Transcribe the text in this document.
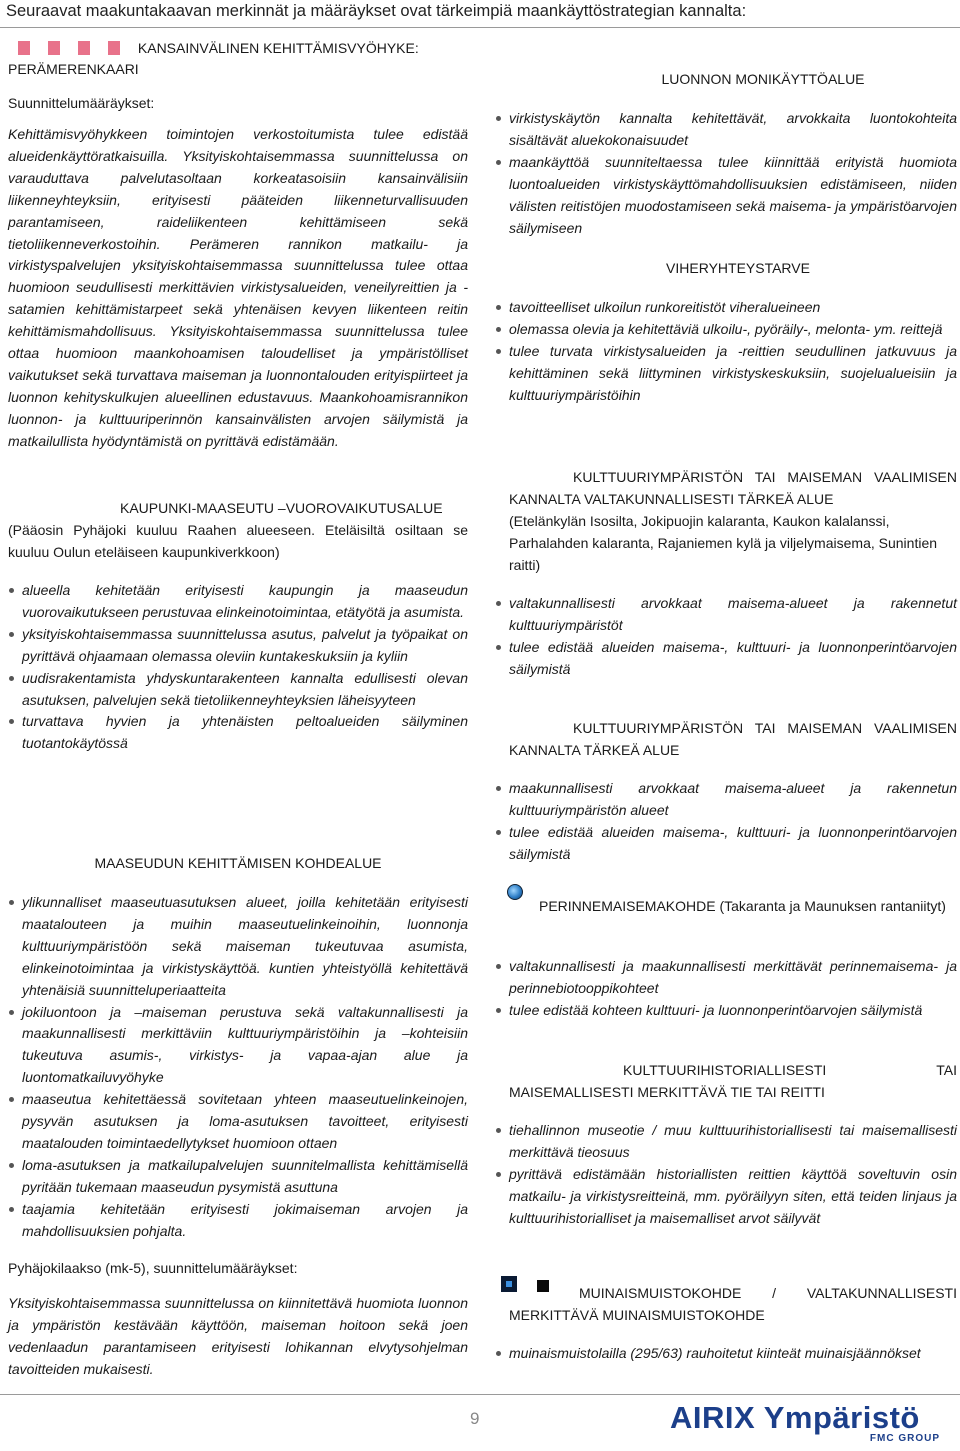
Seuraavat maakuntakaavan merkinnät ja määräykset ovat tärkeimpiä maankäyttöstrategian kannalta:
KANSAINVÄLINEN KEHITTÄMISVYÖHYKE:
PERÄMERENKAARI
Suunnittelumääräykset:
Kehittämisvyöhykkeen toimintojen verkostoitumista tulee edistää alueidenkäyttöratkaisuilla. Yksityiskohtaisemmassa suunnittelussa on varauduttava palvelutasoltaan korkeatasoisiin kansainvälisiin liikenneyhteyksiin, erityisesti pääteiden liikenneturvallisuuden parantamiseen, raideliikenteen kehittämiseen sekä tietoliikenneverkostoihin. Perämeren rannikon matkailu- ja virkistyspalvelujen yksityiskohtaisemmassa suunnittelussa tulee ottaa huomioon seudullisesti merkittävien virkistysalueiden, veneilyreittien ja -satamien kehittämistarpeet sekä yhtenäisen kevyen liikenteen reitin kehittämismahdollisuus. Yksityiskohtaisemmassa suunnittelussa tulee ottaa huomioon maankohoamisen taloudelliset ja ympäristölliset vaikutukset sekä turvattava maiseman ja luonnontalouden erityispiirteet ja luonnon kehityskulkujen alueellinen edustavuus. Maankohoamisrannikon luonnon- ja kulttuuriperinnön kansainvälisten arvojen säilymistä ja matkailullista hyödyntämistä on pyrittävä edistämään.

KAUPUNKI-MAASEUTU –VUOROVAIKUTUSALUE

(Pääosin Pyhäjoki kuuluu Raahen alueeseen. Eteläisiltä osiltaan se kuuluu Oulun eteläiseen kaupunkiverkkoon)
alueella kehitetään erityisesti kaupungin ja maaseudun vuorovaikutukseen perustuvaa elinkeinotoimintaa, etätyötä ja asumista.
yksityiskohtaisemmassa suunnittelussa asutus, palvelut ja työpaikat on pyrittävä ohjaamaan olemassa oleviin kuntakeskuksiin ja kyliin
uudisrakentamista yhdyskuntarakenteen kannalta edullisesti olevan asutuksen, palvelujen sekä tietoliikenneyhteyksien läheisyyteen
turvattava hyvien ja yhtenäisten peltoalueiden säilyminen tuotantokäytössä
MAASEUDUN KEHITTÄMISEN KOHDEALUE
ylikunnalliset maaseutuasutuksen alueet, joilla kehitetään erityisesti maatalouteen ja muihin maaseutuelinkeinoihin, luonnonja kulttuuriympäristöön sekä maiseman tukeutuvaa asumista, elinkeinotoimintaa ja virkistyskäyttöä. kuntien yhteistyöllä kehitettävä yhtenäisiä suunnitteluperiaatteita
jokiluontoon ja –maiseman perustuva sekä valtakunnallisesti ja maakunnallisesti merkittäviin kulttuuriympäristöihin ja –kohteisiin tukeutuva asumis-, virkistys- ja vapaa-ajan alue ja luontomatkailuvyöhyke
maaseutua kehitettäessä sovitetaan yhteen maaseutuelinkeinojen, pysyvän asutuksen ja loma-asutuksen tavoitteet, erityisesti maatalouden toimintaedellytykset huomioon ottaen
loma-asutuksen ja matkailupalvelujen suunnitelmallista kehittämisellä pyritään tukemaan maaseudun pysymistä asuttuna
taajamia kehitetään erityisesti jokimaiseman arvojen ja mahdollisuuksien pohjalta.
Pyhäjokilaakso (mk-5), suunnittelumääräykset:
Yksityiskohtaisemmassa suunnittelussa on kiinnitettävä huomiota luonnon ja ympäristön kestävään käyttöön, maiseman hoitoon sekä joen vedenlaadun parantamiseen erityisesti lohikannan elvytysohjelman tavoitteiden mukaisesti.
LUONNON MONIKÄYTTÖALUE
virkistyskäytön kannalta kehitettävät, arvokkaita luontokohteita sisältävät aluekokonaisuudet
maankäyttöä suunniteltaessa tulee kiinnittää erityistä huomiota luontoalueiden virkistyskäyttömahdollisuuksien edistämiseen, niiden välisten reitistöjen muodostamiseen sekä maisema- ja ympäristöarvojen säilymiseen
VIHERYHTEYSTARVE
tavoitteelliset ulkoilun runkoreitistöt viheralueineen
olemassa olevia ja kehitettäviä ulkoilu-, pyöräily-, melonta- ym. reittejä
tulee turvata virkistysalueiden ja -reittien seudullinen jatkuvuus ja kehittäminen sekä liittyminen virkistyskeskuksiin, suojelualueisiin ja kulttuuriympäristöihin
KULTTUURIYMPÄRISTÖN TAI MAISEMAN VAALIMISEN KANNALTA VALTAKUNNALLISESTI TÄRKEÄ ALUE
(Etelänkylän Isosilta, Jokipuojin kalaranta, Kaukon kalalanssi, Parhalahden kalaranta, Rajaniemen kylä ja viljelymaisema, Sunintien raitti)
valtakunnallisesti arvokkaat maisema-alueet ja rakennetut kulttuuriympäristöt
tulee edistää alueiden maisema-, kulttuuri- ja luonnonperintöarvojen säilymistä
KULTTUURIYMPÄRISTÖN TAI MAISEMAN VAALIMISEN KANNALTA TÄRKEÄ ALUE
maakunnallisesti arvokkaat maisema-alueet ja rakennetun kulttuuriympäristön alueet
tulee edistää alueiden maisema-, kulttuuri- ja luonnonperintöarvojen säilymistä
PERINNEMAISEMAKOHDE (Takaranta ja Maunuksen rantaniityt)
valtakunnallisesti ja maakunnallisesti merkittävät perinnemaisema- ja perinnebiotooppikohteet
tulee edistää kohteen kulttuuri- ja luonnonperintöarvojen säilymistä
KULTTUURIHISTORIALLISESTI TAI MAISEMALLISESTI MERKITTÄVÄ TIE TAI REITTI
tiehallinnon museotie / muu kulttuurihistoriallisesti tai maisemallisesti merkittävä tieosuus
pyrittävä edistämään historiallisten reittien käyttöä soveltuvin osin matkailu- ja virkistysreitteinä, mm. pyöräilyyn siten, että teiden linjaus ja kulttuurihistorialliset ja maisemalliset arvot säilyvät

MUINAISMUISTOKOHDE / VALTAKUNNALLISESTI MERKITTÄVÄ MUINAISMUISTOKOHDE
muinaismuistolailla (295/63) rauhoitetut kiinteät muinaisjäännökset
9	AIRIX Ympäristö
FMC GROUP
